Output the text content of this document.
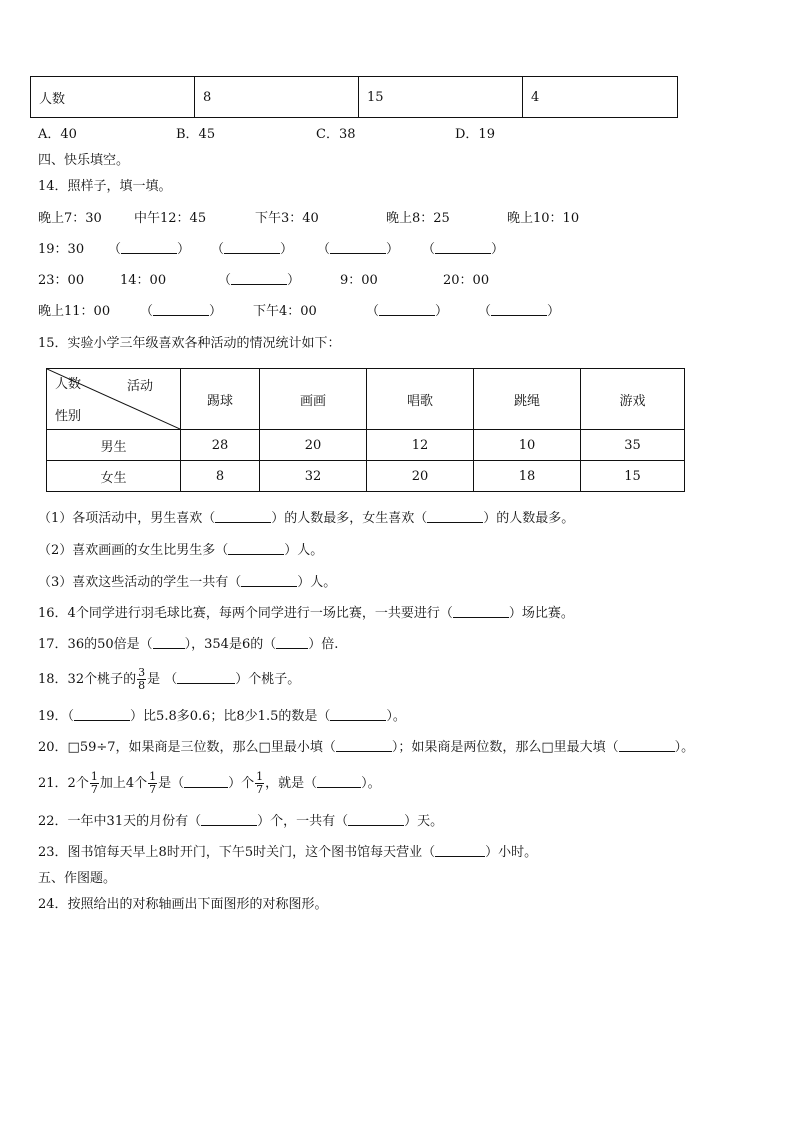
人数	8	15	4
A．40	B．45	C．38	D．19
四、快乐填空。
14．照样子，填一填。
晚上7：30 中午12：45	下午3：40	晚上8：25	晚上10：10
19：30 （	） （	） （	） （	）
23：00	14：00	（	）	9：00	20：00
晚上11：00 （	） 下午4：00	（	） （	）
15．实验小学三年级喜欢各种活动的情况统计如下：
人数 活动
性别	踢球	画画	唱歌	跳绳	游戏
男生	28	20	12	10	35
女生	8	32	20	18	15
（1）各项活动中，男生喜欢（	）的人数最多，女生喜欢（	）的人数最多。
（2）喜欢画画的女生比男生多（	）人。
（3）喜欢这些活动的学生一共有（	）人。
16．4个同学进行羽毛球比赛，每两个同学进行一场比赛，一共要进行（	）场比赛。
17．36的50倍是（ ），354是6的（ ）倍.
18．32个桃子的 $\frac{3}{8}$ 是 （	）个桃子。
19．（	）比5.8多0.6；比8少1.5的数是（	）。
20．□59÷7，如果商是三位数，那么□里最小填（	）；如果商是两位数，那么□里最大填（	）。
21．2个 $\frac{1}{7}$ 加上4个 $\frac{1}{7}$ 是（	）个 $\frac{1}{7}$ ，就是（	）。
22．一年中31天的月份有（	）个，一共有（	）天。
23．图书馆每天早上8时开门，下午5时关门，这个图书馆每天营业（	）小时。
五、作图题。
24．按照给出的对称轴画出下面图形的对称图形。
